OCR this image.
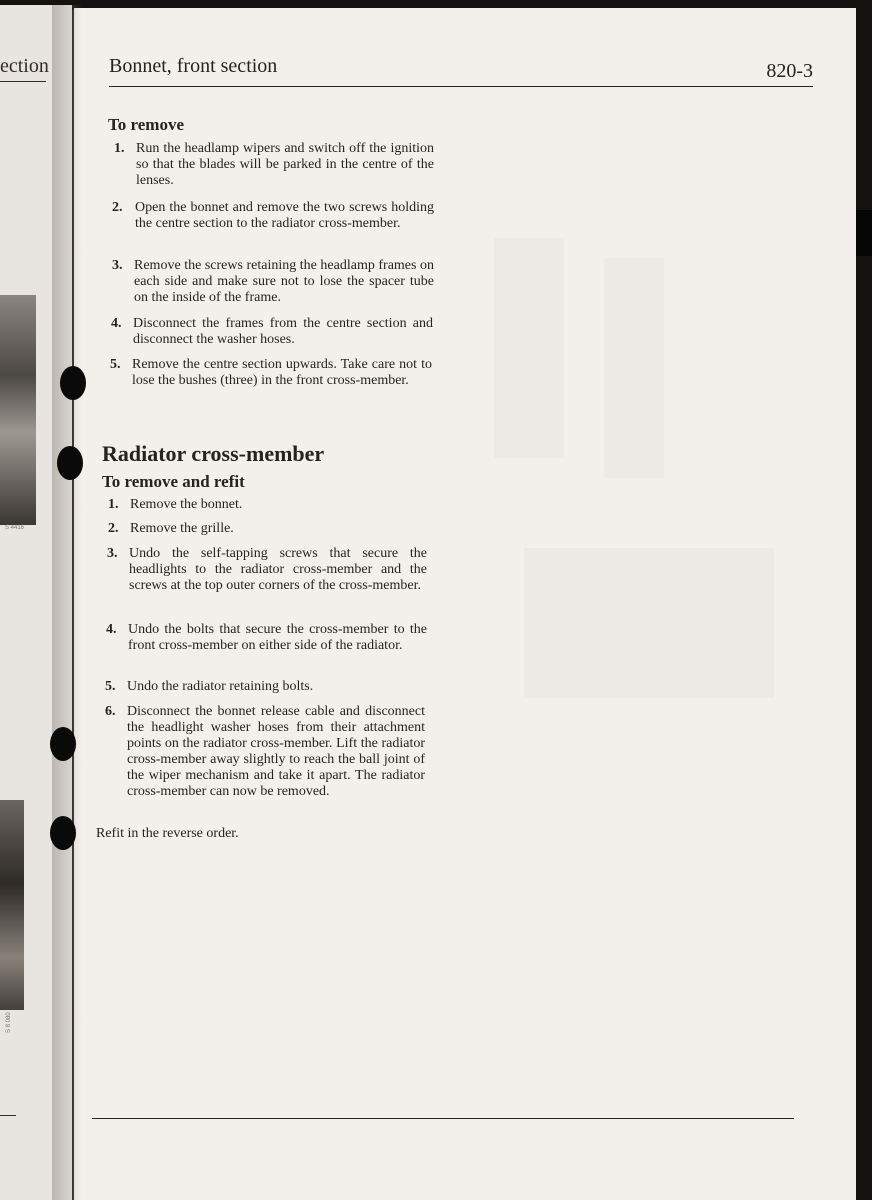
ection
S 4416
S 8 080
Bonnet, front section	820-3
To remove
1. Run the headlamp wipers and switch off the ignition so that the blades will be parked in the centre of the lenses.
2. Open the bonnet and remove the two screws holding the centre section to the radiator cross-member.
3. Remove the screws retaining the headlamp frames on each side and make sure not to lose the spacer tube on the inside of the frame.
4. Disconnect the frames from the centre section and disconnect the washer hoses.
5. Remove the centre section upwards. Take care not to lose the bushes (three) in the front cross-member.
Radiator cross-member
To remove and refit
1. Remove the bonnet.
2. Remove the grille.
3. Undo the self-tapping screws that secure the headlights to the radiator cross-member and the screws at the top outer corners of the cross-member.
4. Undo the bolts that secure the cross-member to the front cross-member on either side of the radiator.
5. Undo the radiator retaining bolts.
6. Disconnect the bonnet release cable and disconnect the headlight washer hoses from their attachment points on the radiator cross-member. Lift the radiator cross-member away slightly to reach the ball joint of the wiper mechanism and take it apart. The radiator cross-member can now be removed.
Refit in the reverse order.
